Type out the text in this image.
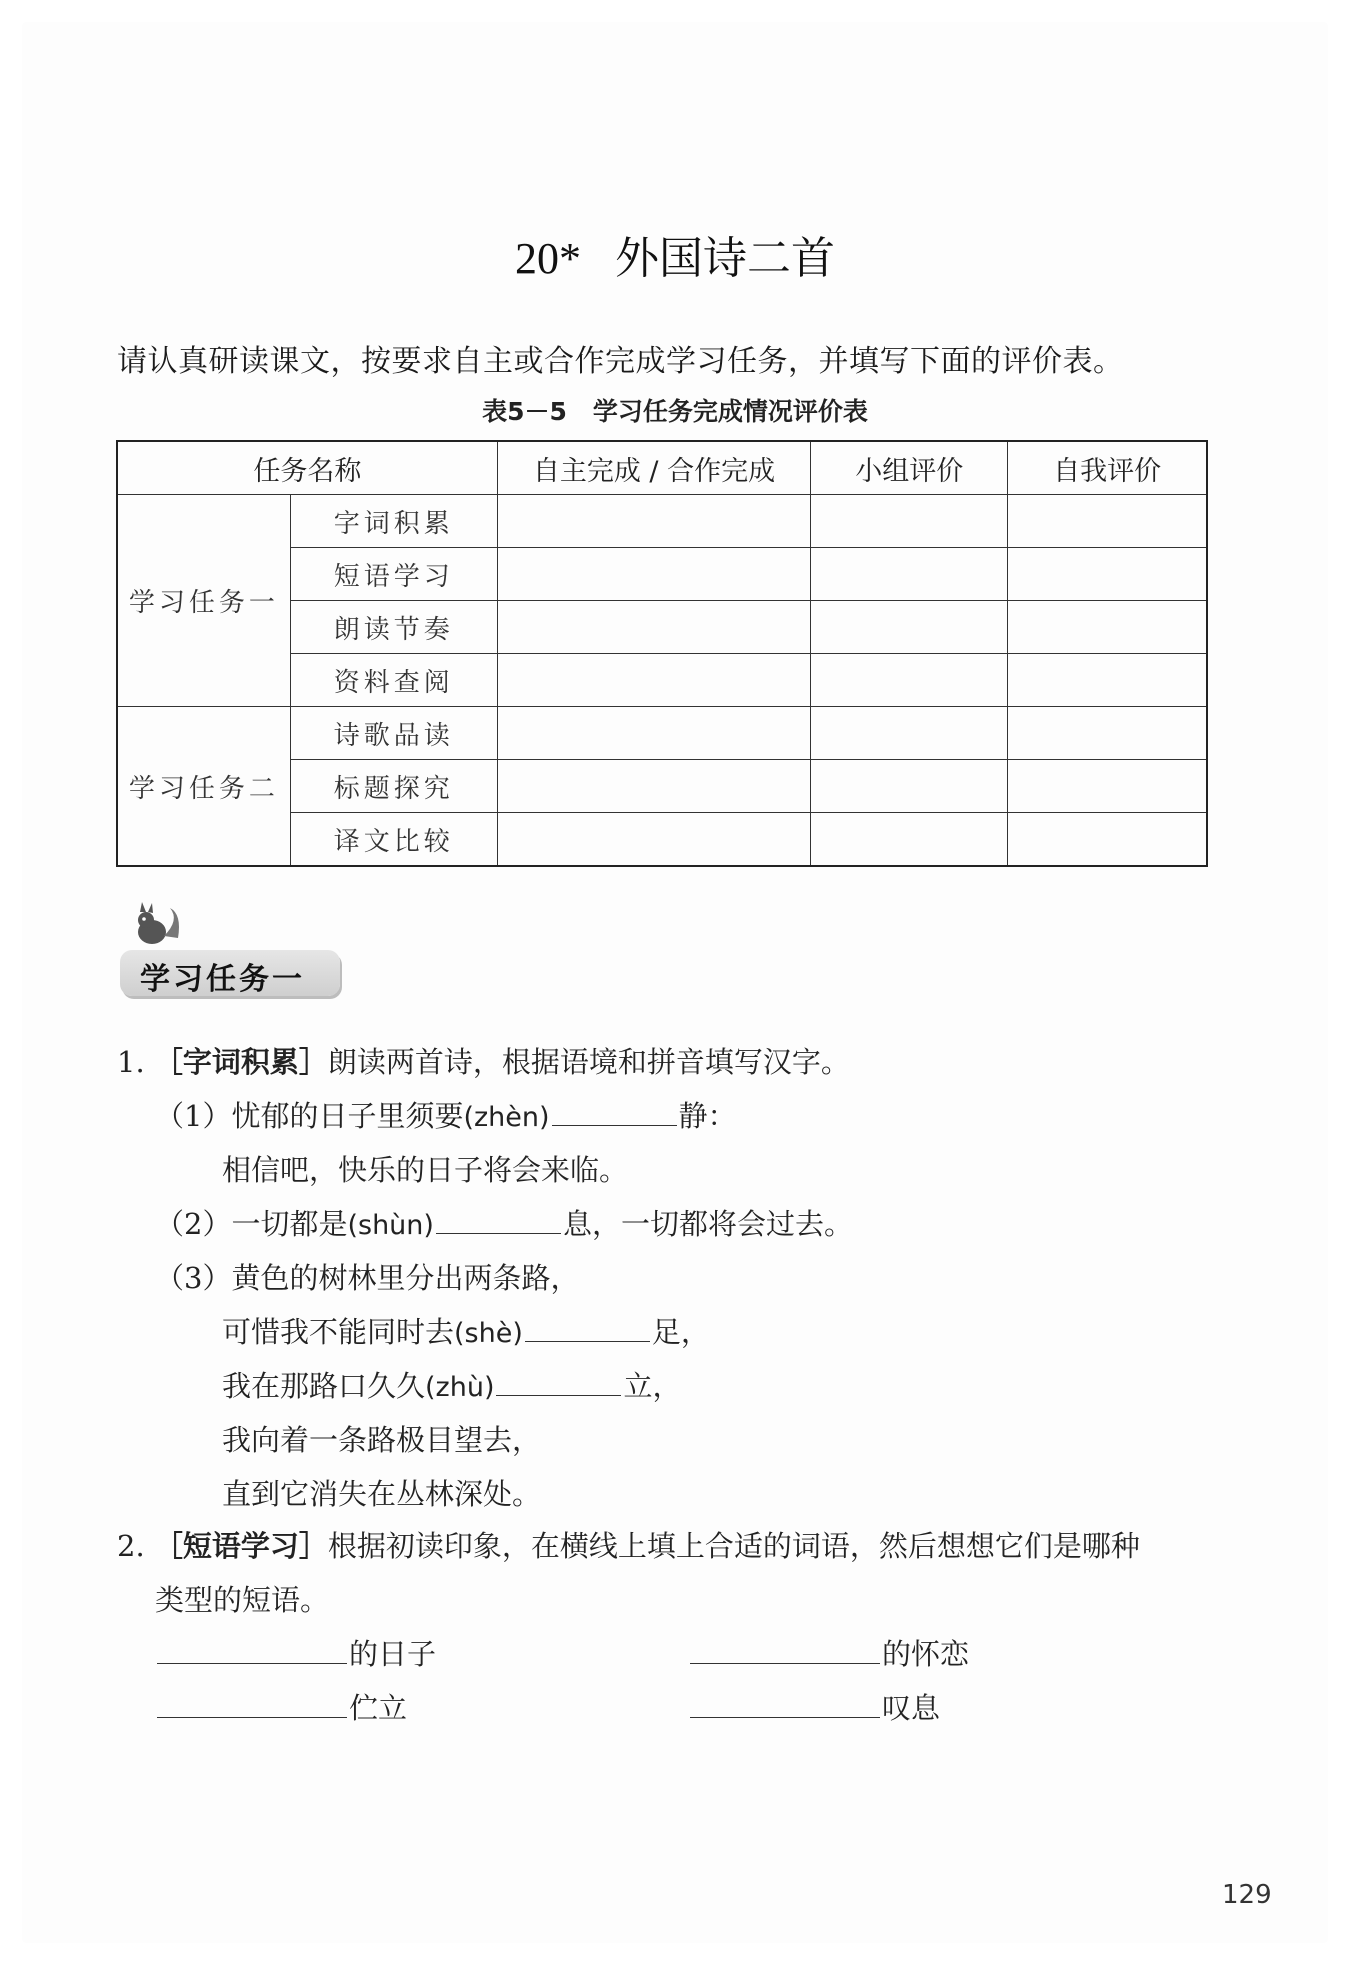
20* 外国诗二首
请认真研读课文，按要求自主或合作完成学习任务，并填写下面的评价表。
表5－5 学习任务完成情况评价表
任务名称		自主完成 / 合作完成	小组评价	自我评价
学习任务一	字词积累			
	短语学习			
	朗读节奏			
	资料查阅			
学习任务二	诗歌品读			
	标题探究			
	译文比较			
学习任务一
1. ［字词积累］朗读两首诗，根据语境和拼音填写汉字。
（1）忧郁的日子里须要(zhèn)	静：
相信吧，快乐的日子将会来临。
（2）一切都是(shùn)	息，一切都将会过去。
（3）黄色的树林里分出两条路，
可惜我不能同时去(shè)	足，
我在那路口久久(zhù)	立，
我向着一条路极目望去，
直到它消失在丛林深处。
2. ［短语学习］根据初读印象，在横线上填上合适的词语，然后想想它们是哪种
类型的短语。
的日子	的怀恋
伫立	叹息
129
